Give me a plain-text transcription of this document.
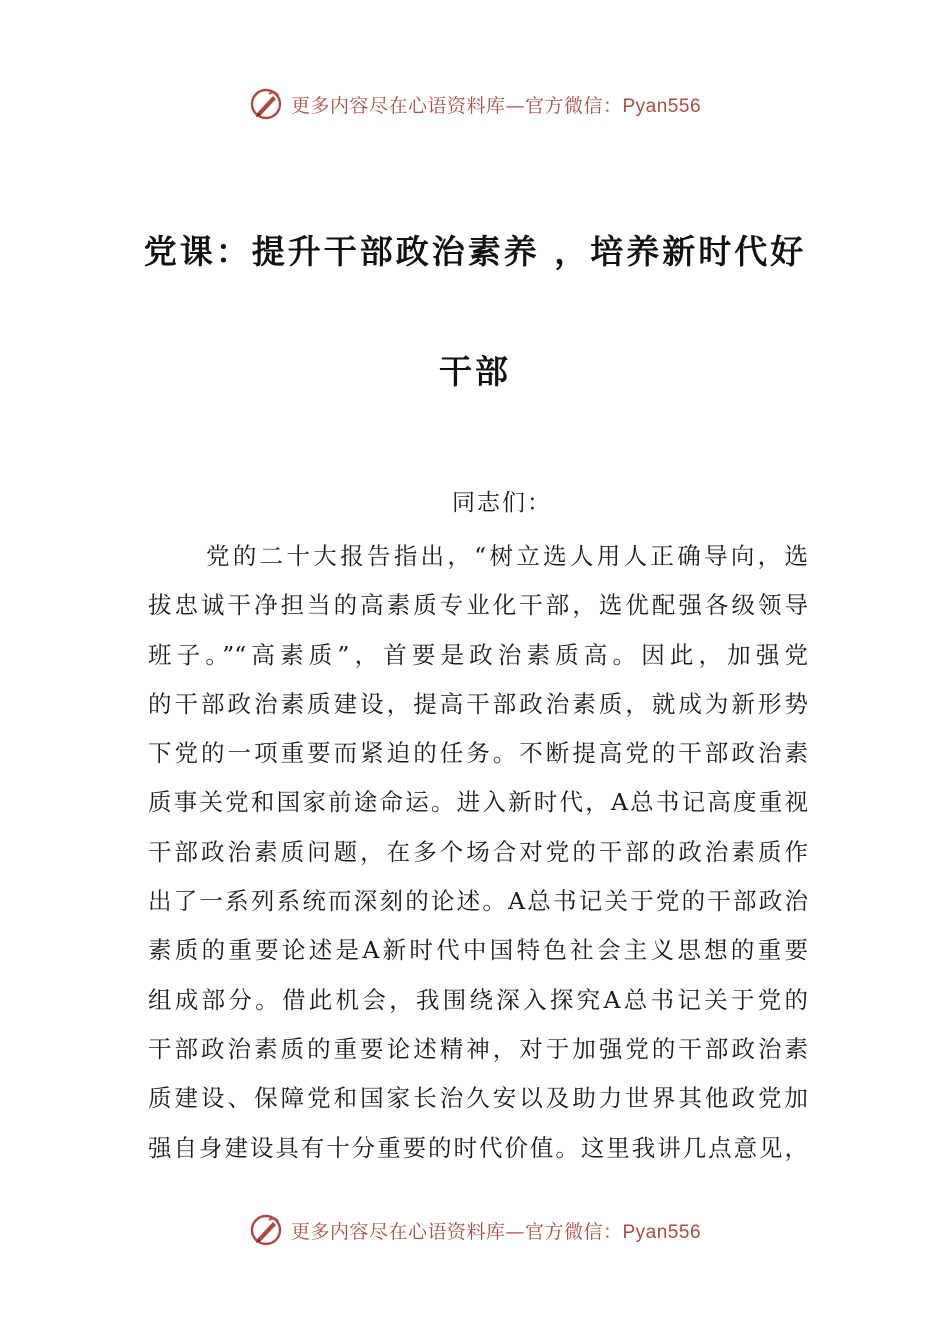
更多内容尽在心语资料库—官方微信：Pyan556
党课：提升干部政治素养 ，培养新时代好
干部

同志们：

党的二十大报告指出，“树立选人用人正确导向，选
拔忠诚干净担当的高素质专业化干部，选优配强各级领导
班子。”“高素质”，首要是政治素质高。因此，加强党
的干部政治素质建设，提高干部政治素质，就成为新形势
下党的一项重要而紧迫的任务。不断提高党的干部政治素
质事关党和国家前途命运。进入新时代，A总书记高度重视
干部政治素质问题，在多个场合对党的干部的政治素质作
出了一系列系统而深刻的论述。A总书记关于党的干部政治
素质的重要论述是A新时代中国特色社会主义思想的重要
组成部分。借此机会，我围绕深入探究A总书记关于党的
干部政治素质的重要论述精神，对于加强党的干部政治素
质建设、保障党和国家长治久安以及助力世界其他政党加
强自身建设具有十分重要的时代价值。这里我讲几点意见，
更多内容尽在心语资料库—官方微信：Pyan556
